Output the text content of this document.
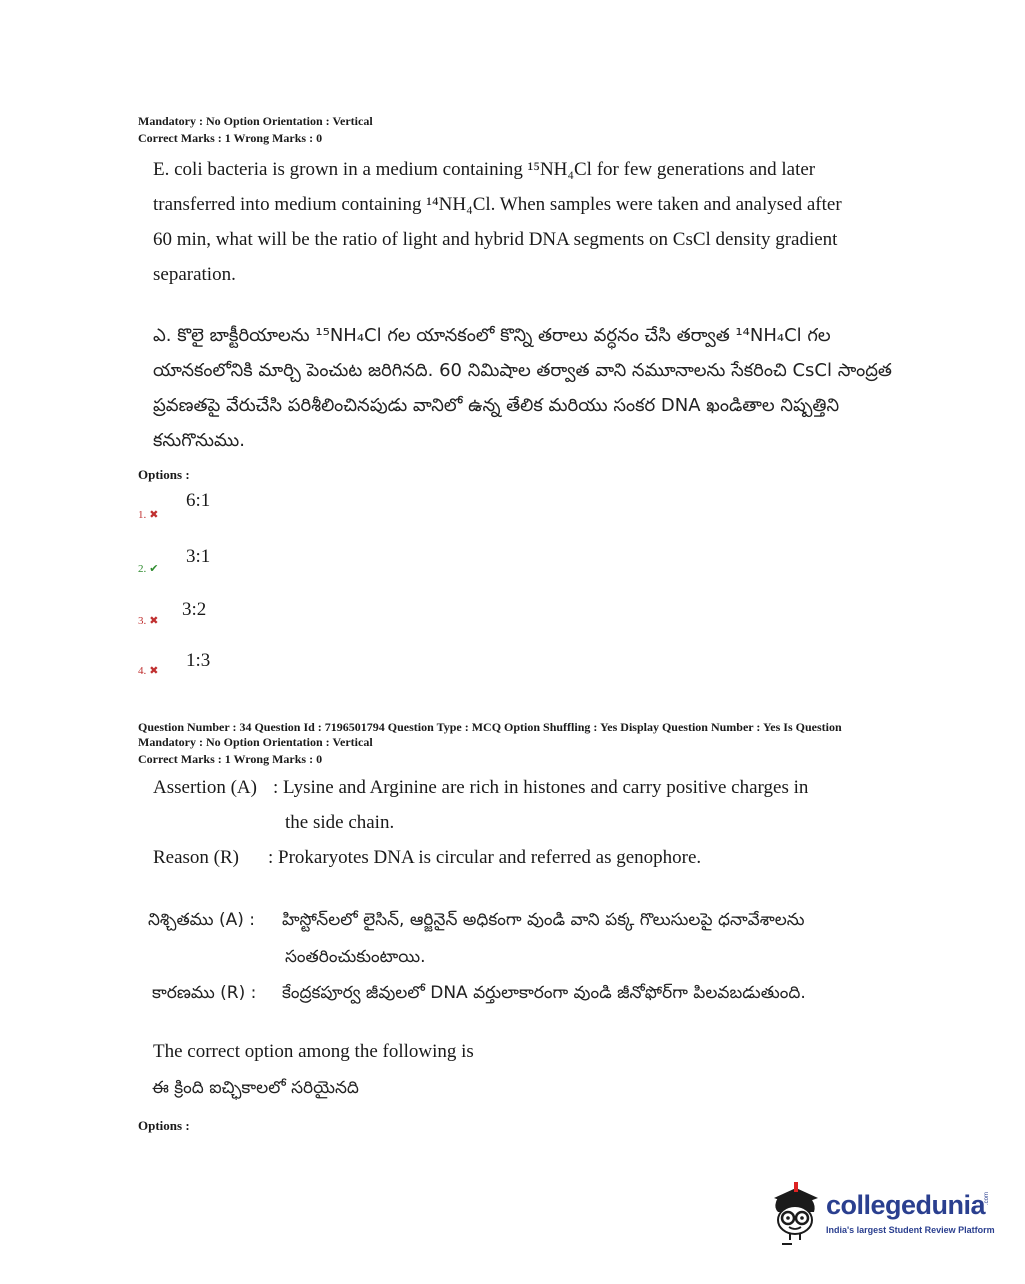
Mandatory : No Option Orientation : Vertical
Correct Marks : 1 Wrong Marks : 0
E. coli bacteria is grown in a medium containing ¹⁵NH₄Cl for few generations and later
transferred into medium containing ¹⁴NH₄Cl. When samples were taken and analysed after
60 min, what will be the ratio of light and hybrid DNA segments on CsCl density gradient
separation.
ఎ. కొలై బాక్టీరియాలను ¹⁵NH₄Cl గల యానకంలో కొన్ని తరాలు వర్ధనం చేసి తర్వాత ¹⁴NH₄Cl గల
యానకంలోనికి మార్చి పెంచుట జరిగినది. 60 నిమిషాల తర్వాత వాని నమూనాలను సేకరించి CsCl సాంద్రత
ప్రవణతపై వేరుచేసి పరిశీలించినపుడు వానిలో ఉన్న తేలిక మరియు సంకర DNA ఖండితాల నిష్పత్తిని
కనుగొనుము.
Options :
1. ✖
6:1
2. ✔
3:1
3. ✖
3:2
4. ✖ 1:3
Question Number : 34 Question Id : 7196501794 Question Type : MCQ Option Shuffling : Yes Display Question Number : Yes Is Question
Mandatory : No Option Orientation : Vertical
Correct Marks : 1 Wrong Marks : 0
Assertion (A) : Lysine and Arginine are rich in histones and carry positive charges in
the side chain.
Reason (R) : Prokaryotes DNA is circular and referred as genophore.
నిశ్చితము (A) : హిస్టోన్‌లలో లైసిన్, ఆర్జినైన్ అధికంగా వుండి వాని పక్క గొలుసులపై ధనావేశాలను
సంతరించుకుంటాయి.
కారణము (R) : కేంద్రకపూర్వ జీవులలో DNA వర్తులాకారంగా వుండి జీనోఫోర్‌గా పిలవబడుతుంది.
The correct option among the following is
ఈ క్రింది ఐచ్ఛికాలలో సరియైనది
Options :
collegedunia
.com
India's largest Student Review Platform
